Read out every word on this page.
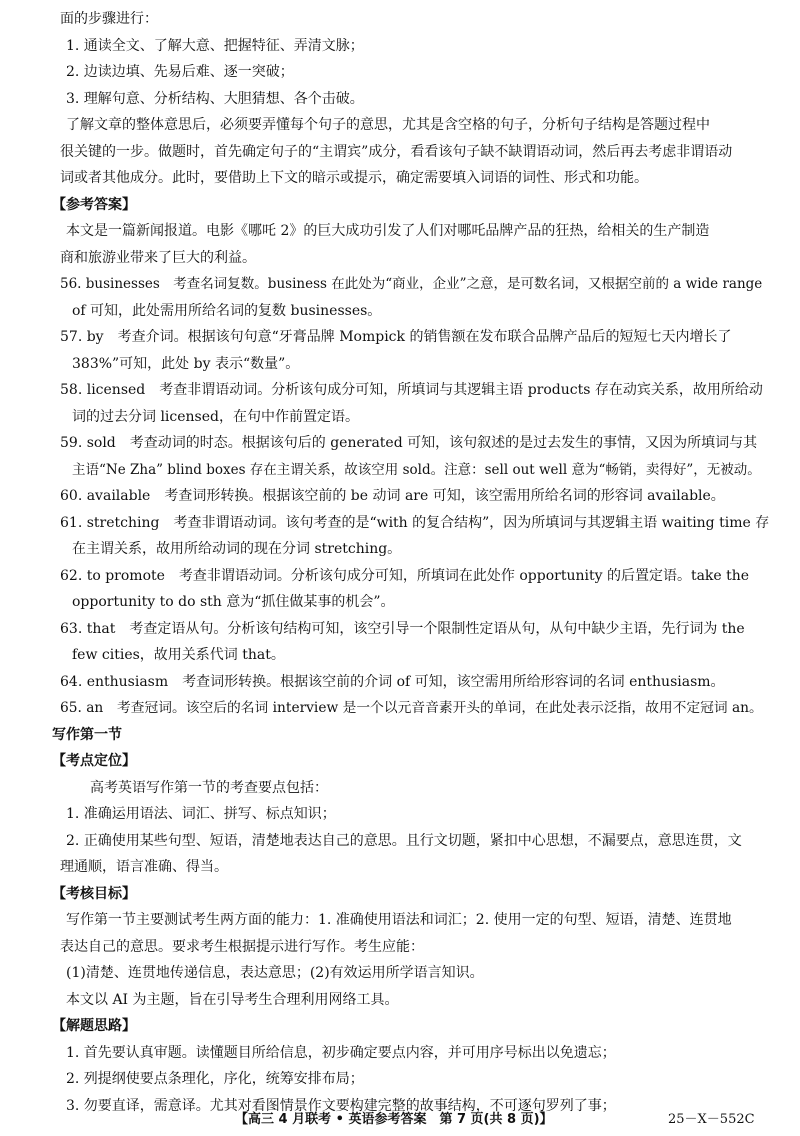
面的步骤进行：

1. 通读全文、了解大意、把握特征、弄清文脉；

2. 边读边填、先易后难、逐一突破；

3. 理解句意、分析结构、大胆猜想、各个击破。

了解文章的整体意思后，必须要弄懂每个句子的意思，尤其是含空格的句子，分析句子结构是答题过程中

很关键的一步。做题时，首先确定句子的“主谓宾”成分，看看该句子缺不缺谓语动词，然后再去考虑非谓语动

词或者其他成分。此时，要借助上下文的暗示或提示，确定需要填入词语的词性、形式和功能。

【参考答案】

本文是一篇新闻报道。电影《哪吒 2》的巨大成功引发了人们对哪吒品牌产品的狂热，给相关的生产制造

商和旅游业带来了巨大的利益。

56. businesses　考查名词复数。business 在此处为“商业，企业”之意，是可数名词，又根据空前的 a wide range

of 可知，此处需用所给名词的复数 businesses。

57. by　考查介词。根据该句句意“牙膏品牌 Mompick 的销售额在发布联合品牌产品后的短短七天内增长了

383%”可知，此处 by 表示“数量”。

58. licensed　考查非谓语动词。分析该句成分可知，所填词与其逻辑主语 products 存在动宾关系，故用所给动

词的过去分词 licensed，在句中作前置定语。

59. sold　考查动词的时态。根据该句后的 generated 可知，该句叙述的是过去发生的事情，又因为所填词与其

主语“Ne Zha” blind boxes 存在主谓关系，故该空用 sold。注意：sell out well 意为“畅销，卖得好”，无被动。

60. available　考查词形转换。根据该空前的 be 动词 are 可知，该空需用所给名词的形容词 available。

61. stretching　考查非谓语动词。该句考查的是“with 的复合结构”，因为所填词与其逻辑主语 waiting time 存

在主谓关系，故用所给动词的现在分词 stretching。

62. to promote　考查非谓语动词。分析该句成分可知，所填词在此处作 opportunity 的后置定语。take the

opportunity to do sth 意为“抓住做某事的机会”。

63. that　考查定语从句。分析该句结构可知，该空引导一个限制性定语从句，从句中缺少主语，先行词为 the

few cities，故用关系代词 that。

64. enthusiasm　考查词形转换。根据该空前的介词 of 可知，该空需用所给形容词的名词 enthusiasm。

65. an　考查冠词。该空后的名词 interview 是一个以元音音素开头的单词，在此处表示泛指，故用不定冠词 an。

写作第一节

【考点定位】

高考英语写作第一节的考查要点包括：

1. 准确运用语法、词汇、拼写、标点知识；

2. 正确使用某些句型、短语，清楚地表达自己的意思。且行文切题，紧扣中心思想，不漏要点，意思连贯，文

理通顺，语言准确、得当。

【考核目标】

写作第一节主要测试考生两方面的能力：1. 准确使用语法和词汇；2. 使用一定的句型、短语，清楚、连贯地

表达自己的意思。要求考生根据提示进行写作。考生应能：

(1)清楚、连贯地传递信息，表达意思；(2)有效运用所学语言知识。

本文以 AI 为主题，旨在引导考生合理利用网络工具。

【解题思路】

1. 首先要认真审题。读懂题目所给信息，初步确定要点内容，并可用序号标出以免遗忘；

2. 列提纲使要点条理化，序化，统筹安排布局；

3. 勿要直译，需意译。尤其对看图情景作文要构建完整的故事结构，不可逐句罗列了事；

【高三 4 月联考 • 英语参考答案　第 7 页(共 8 页)】	25－X－552C
